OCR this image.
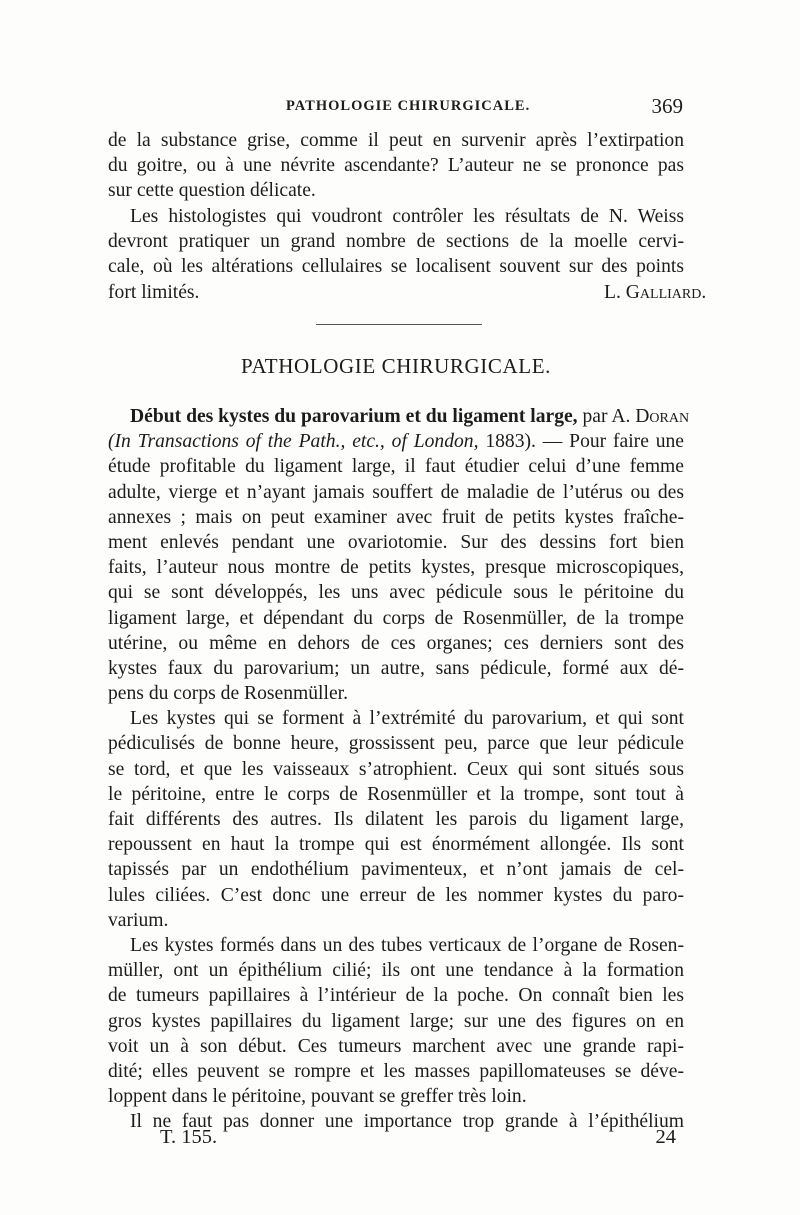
PATHOLOGIE CHIRURGICALE.	369
de la substance grise, comme il peut en survenir après l’extirpation
du goitre, ou à une névrite ascendante? L’auteur ne se prononce pas
sur cette question délicate.
Les histologistes qui voudront contrôler les résultats de N. Weiss
devront pratiquer un grand nombre de sections de la moelle cervi-
cale, où les altérations cellulaires se localisent souvent sur des points
fort limités.	L. Galliard.
PATHOLOGIE CHIRURGICALE.
Début des kystes du parovarium et du ligament large, par A. Doran
(In Transactions of the Path., etc., of London, 1883). — Pour faire une
étude profitable du ligament large, il faut étudier celui d’une femme
adulte, vierge et n’ayant jamais souffert de maladie de l’utérus ou des
annexes ; mais on peut examiner avec fruit de petits kystes fraîche-
ment enlevés pendant une ovariotomie. Sur des dessins fort bien
faits, l’auteur nous montre de petits kystes, presque microscopiques,
qui se sont développés, les uns avec pédicule sous le péritoine du
ligament large, et dépendant du corps de Rosenmüller, de la trompe
utérine, ou même en dehors de ces organes; ces derniers sont des
kystes faux du parovarium; un autre, sans pédicule, formé aux dé-
pens du corps de Rosenmüller.
Les kystes qui se forment à l’extrémité du parovarium, et qui sont
pédiculisés de bonne heure, grossissent peu, parce que leur pédicule
se tord, et que les vaisseaux s’atrophient. Ceux qui sont situés sous
le péritoine, entre le corps de Rosenmüller et la trompe, sont tout à
fait différents des autres. Ils dilatent les parois du ligament large,
repoussent en haut la trompe qui est énormément allongée. Ils sont
tapissés par un endothélium pavimenteux, et n’ont jamais de cel-
lules ciliées. C’est donc une erreur de les nommer kystes du paro-
varium.
Les kystes formés dans un des tubes verticaux de l’organe de Rosen-
müller, ont un épithélium cilié; ils ont une tendance à la formation
de tumeurs papillaires à l’intérieur de la poche. On connaît bien les
gros kystes papillaires du ligament large; sur une des figures on en
voit un à son début. Ces tumeurs marchent avec une grande rapi-
dité; elles peuvent se rompre et les masses papillomateuses se déve-
loppent dans le péritoine, pouvant se greffer très loin.
Il ne faut pas donner une importance trop grande à l’épithélium
T. 155.	24
